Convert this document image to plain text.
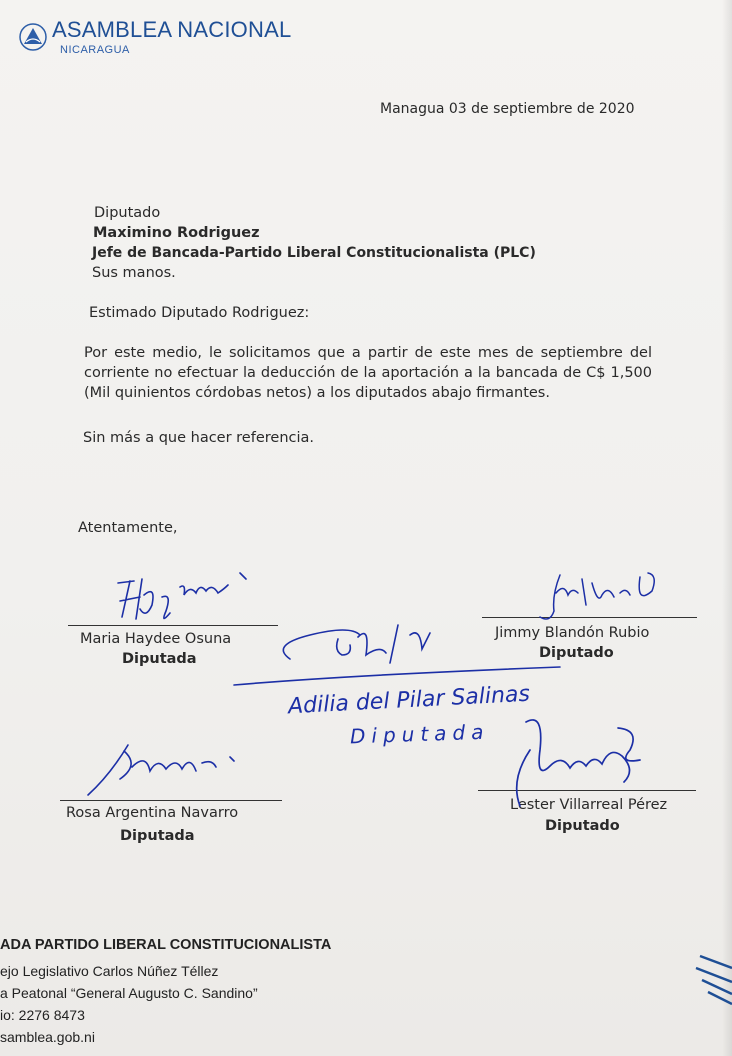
ASAMBLEA NACIONAL
NICARAGUA
Managua 03 de septiembre de 2020
Diputado
Maximino Rodriguez
Jefe de Bancada-Partido Liberal Constitucionalista (PLC)
Sus manos.
Estimado Diputado Rodriguez:
Por este medio, le solicitamos que a partir de este mes de septiembre del corriente no efectuar la deducción de la aportación a la bancada de C$ 1,500 (Mil quinientos córdobas netos) a los diputados abajo firmantes.
Sin más a que hacer referencia.
Atentamente,
Maria Haydee Osuna
Diputada
Jimmy Blandón Rubio
Diputado
Rosa Argentina Navarro
Diputada
Lester Villarreal Pérez
Diputado
Adilia del Pilar Salinas
Diputada
ADA PARTIDO LIBERAL CONSTITUCIONALISTA
ejo Legislativo Carlos Núñez Téllez
a Peatonal “General Augusto C. Sandino”
io: 2276 8473
samblea.gob.ni
